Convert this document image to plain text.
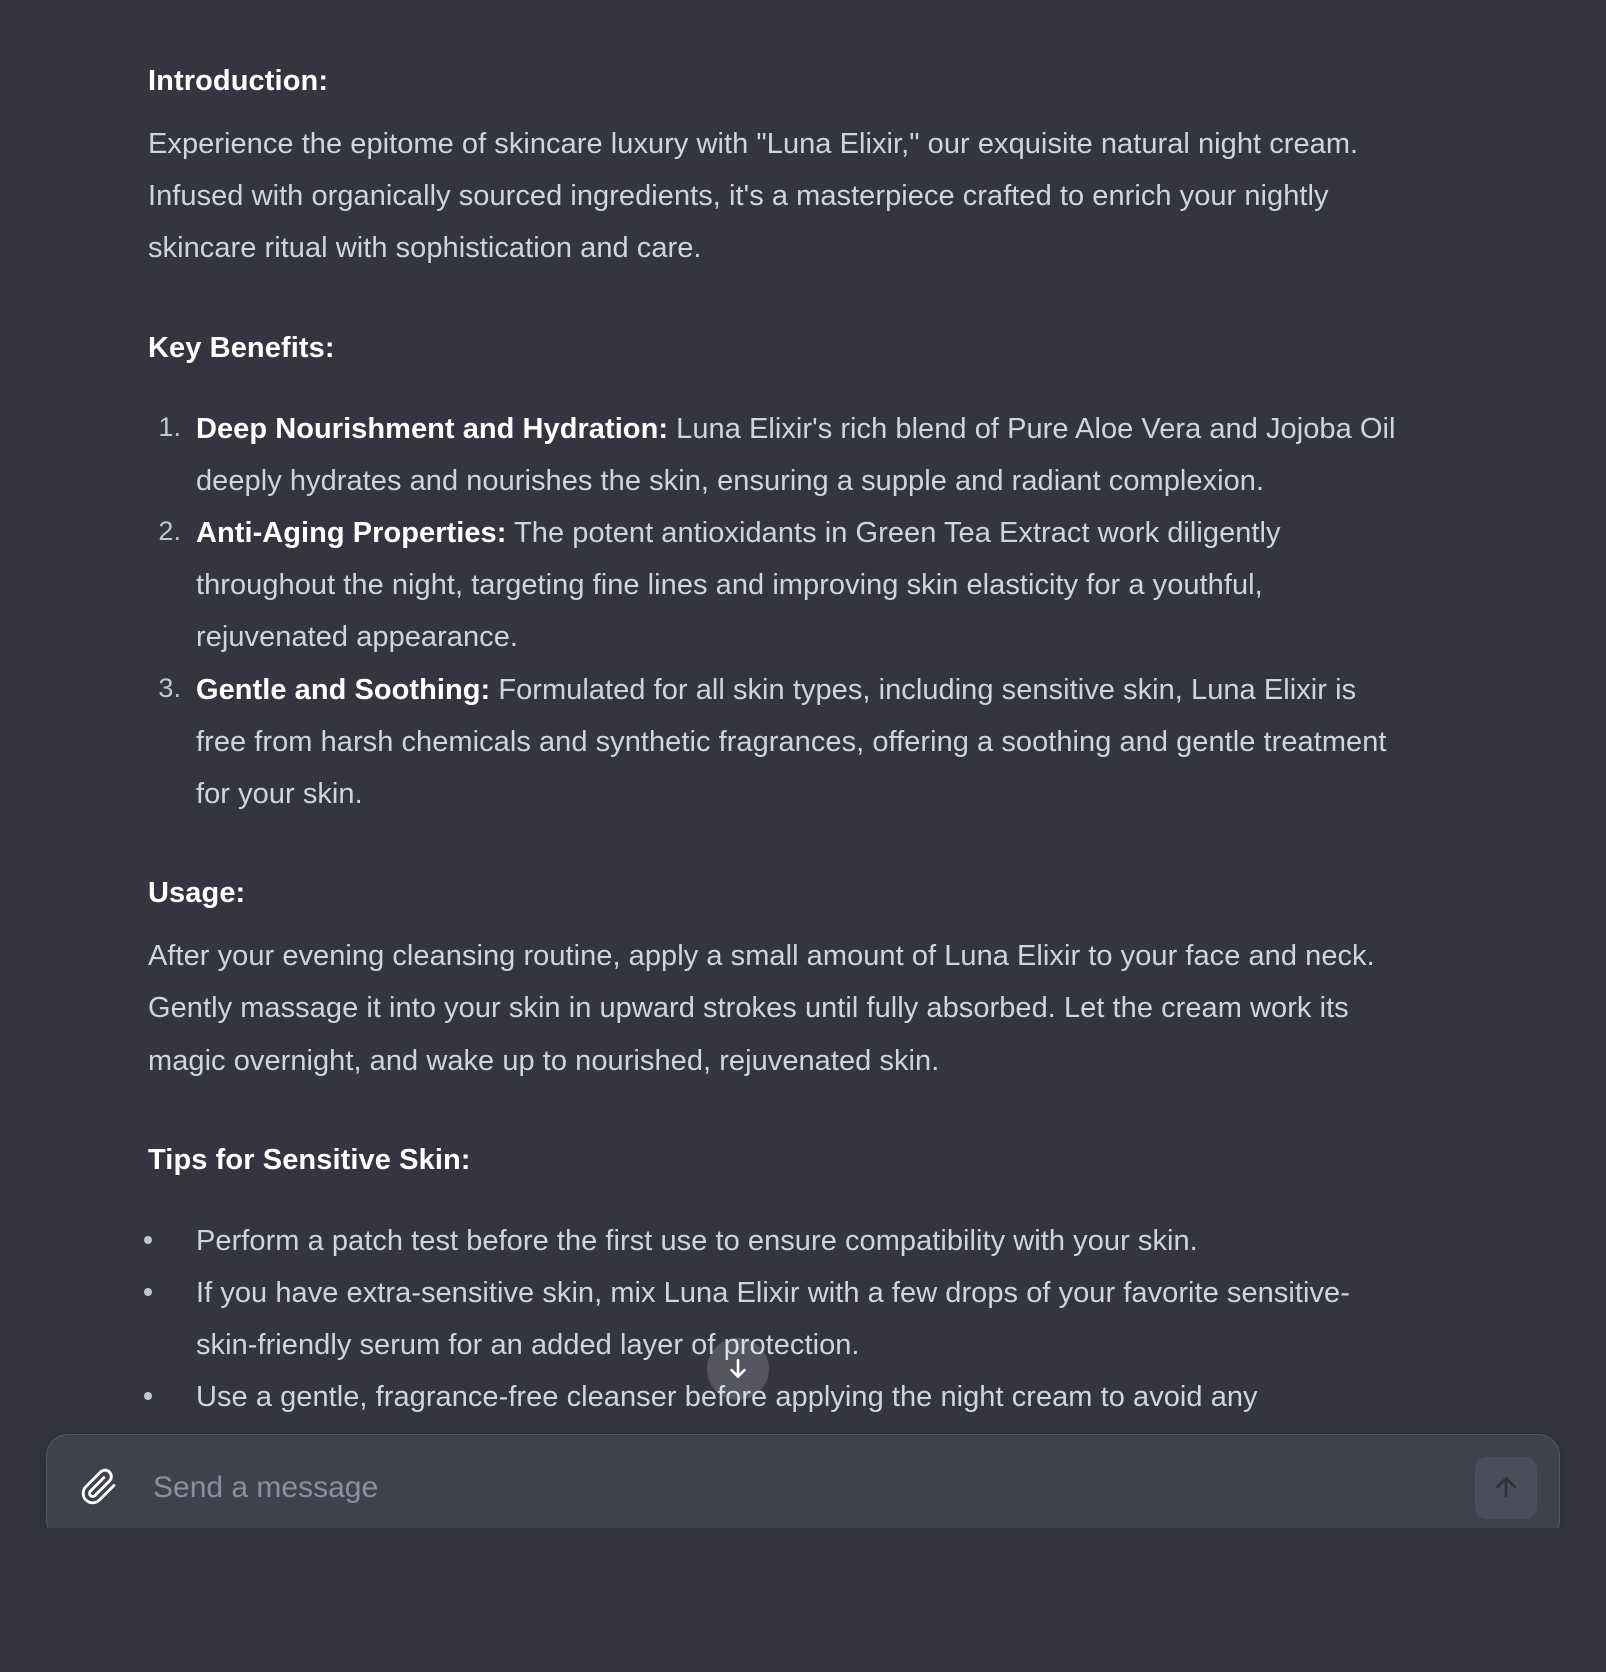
Introduction:
Experience the epitome of skincare luxury with "Luna Elixir," our exquisite natural night cream. Infused with organically sourced ingredients, it's a masterpiece crafted to enrich your nightly skincare ritual with sophistication and care.
Key Benefits:
Deep Nourishment and Hydration: Luna Elixir's rich blend of Pure Aloe Vera and Jojoba Oil deeply hydrates and nourishes the skin, ensuring a supple and radiant complexion.
Anti-Aging Properties: The potent antioxidants in Green Tea Extract work diligently throughout the night, targeting fine lines and improving skin elasticity for a youthful, rejuvenated appearance.
Gentle and Soothing: Formulated for all skin types, including sensitive skin, Luna Elixir is free from harsh chemicals and synthetic fragrances, offering a soothing and gentle treatment for your skin.
Usage:
After your evening cleansing routine, apply a small amount of Luna Elixir to your face and neck. Gently massage it into your skin in upward strokes until fully absorbed. Let the cream work its magic overnight, and wake up to nourished, rejuvenated skin.
Tips for Sensitive Skin:
Perform a patch test before the first use to ensure compatibility with your skin.
If you have extra-sensitive skin, mix Luna Elixir with a few drops of your favorite sensitive-skin-friendly serum for an added layer of protection.
Use a gentle, fragrance-free cleanser before applying the night cream to avoid any
Send a message
